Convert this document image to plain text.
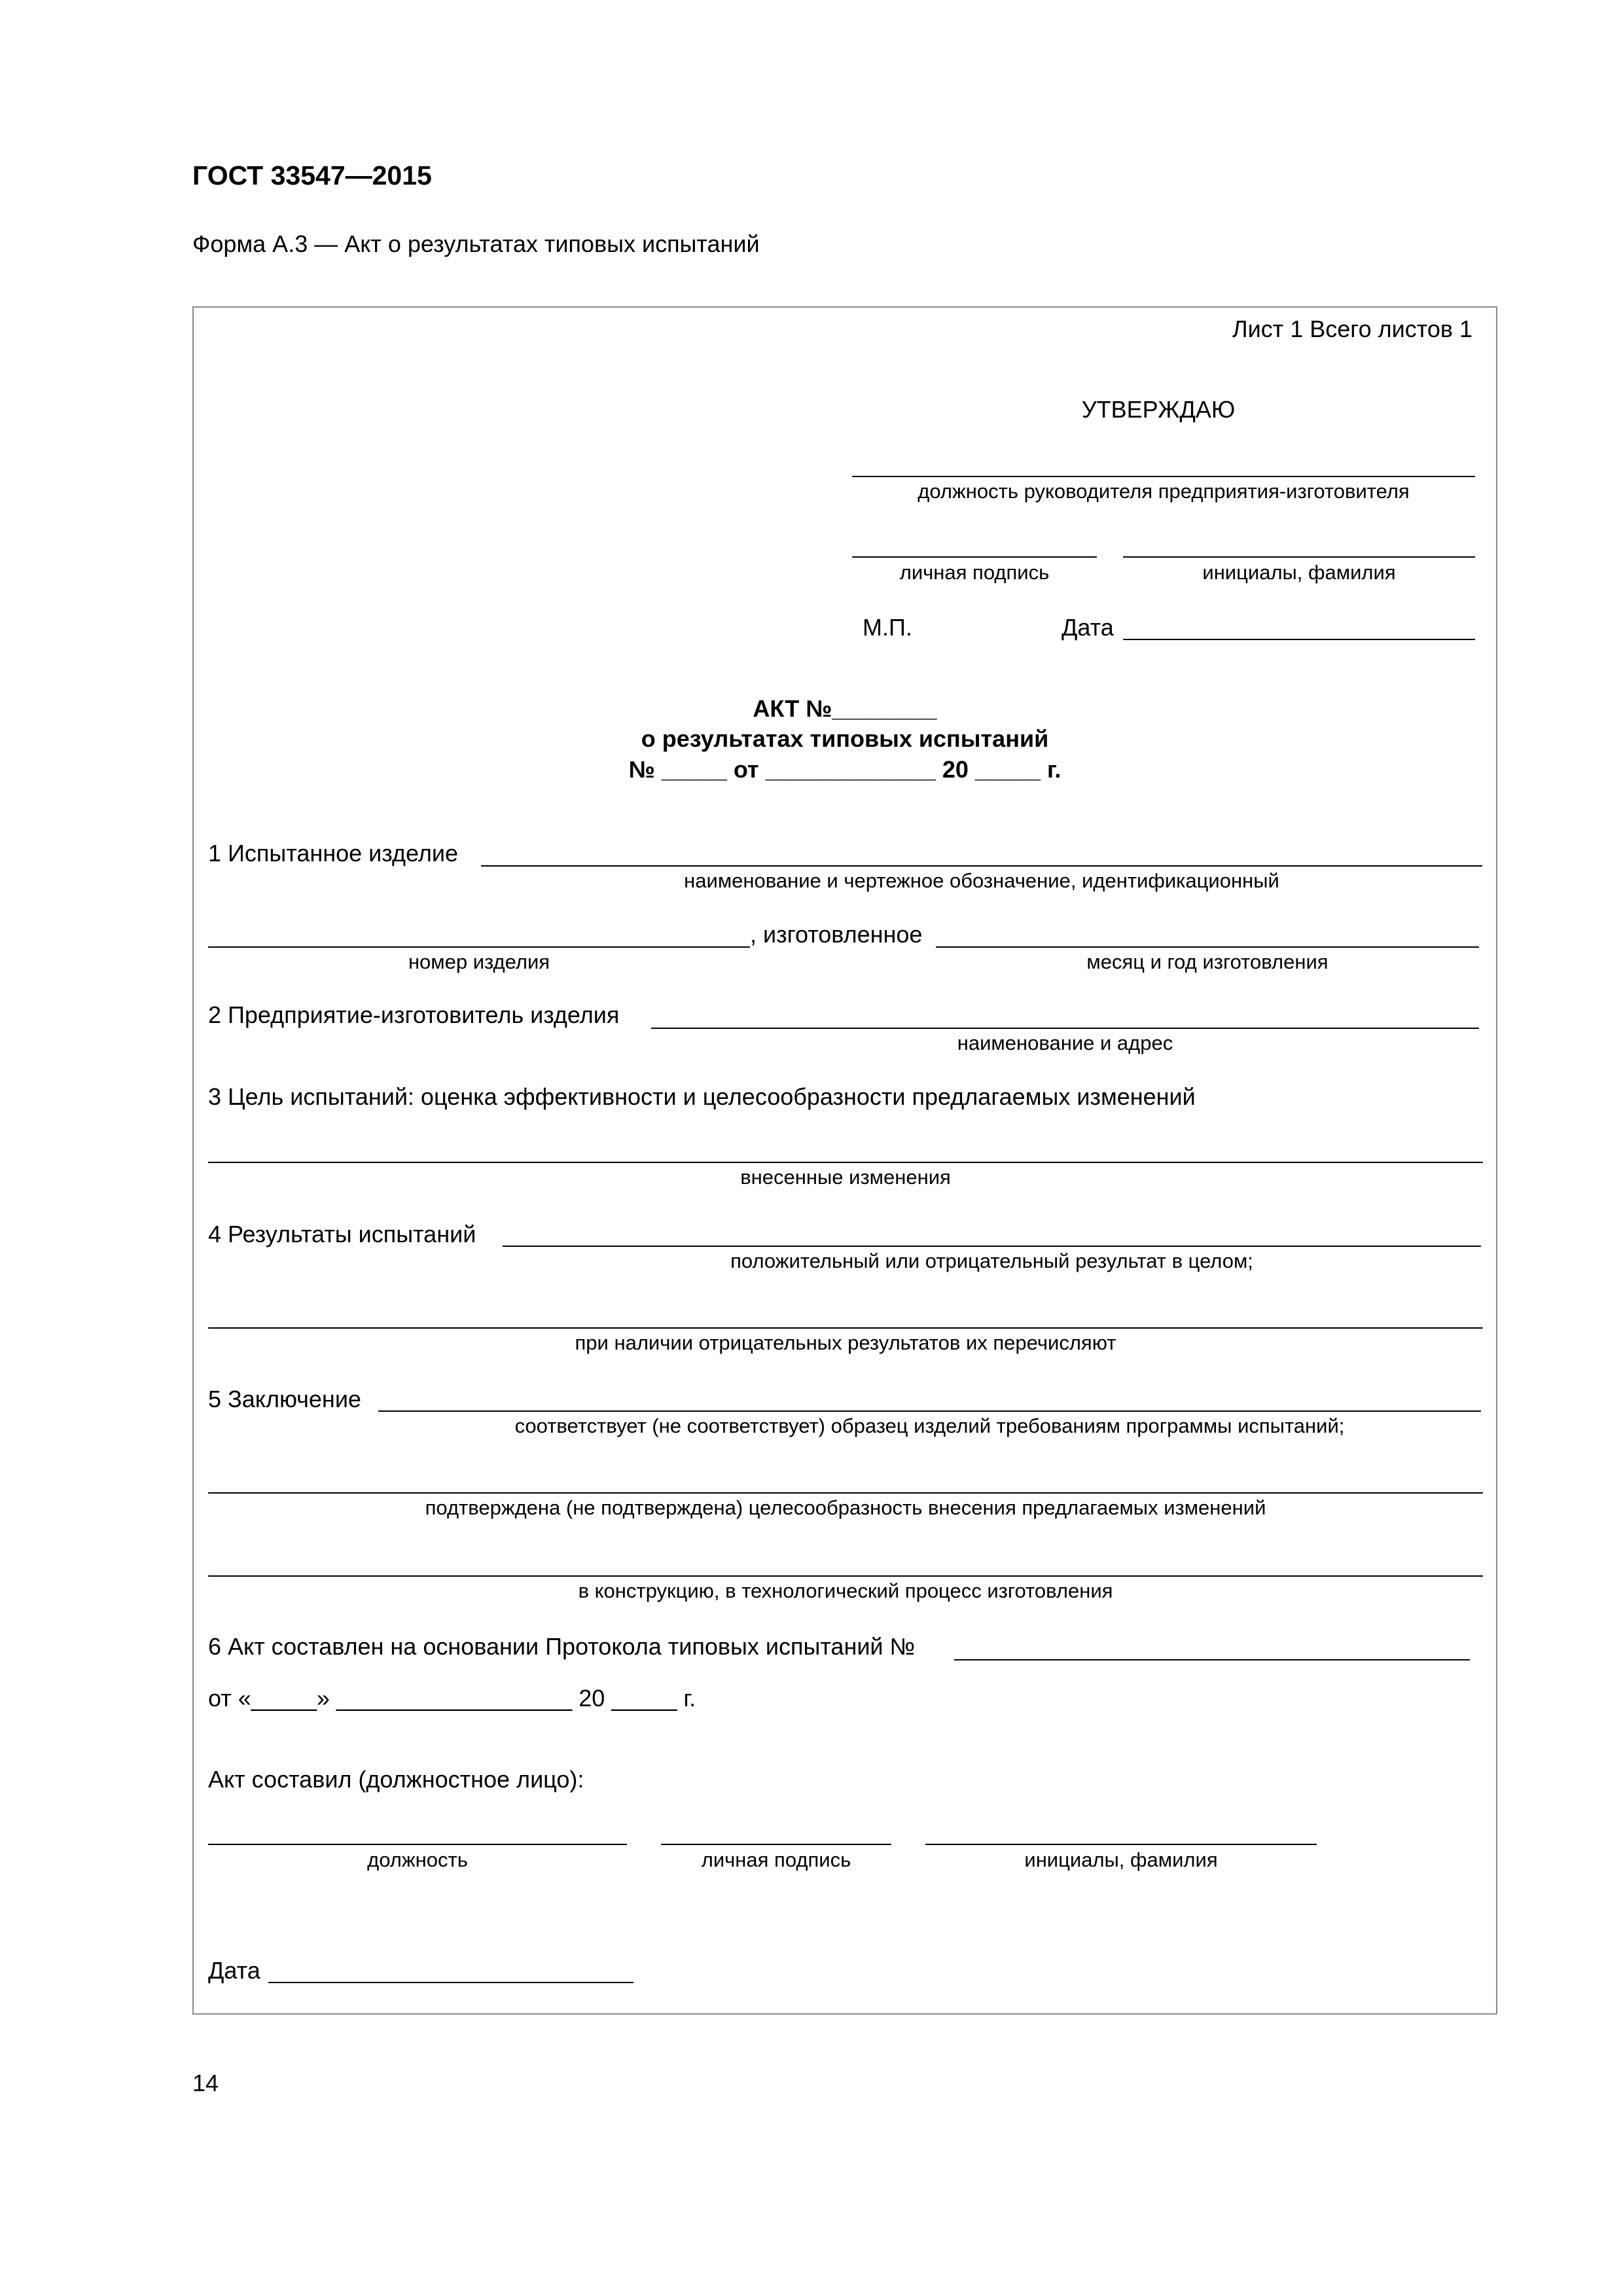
ГОСТ 33547—2015
Форма А.3 — Акт о результатах типовых испытаний
Лист 1 Всего листов 1
УТВЕРЖДАЮ
должность руководителя предприятия-изготовителя
личная подпись	инициалы, фамилия
М.П.	Дата
АКТ №________
о результатах типовых испытаний
№ _____ от _____________ 20 _____ г.
1 Испытанное изделие
наименование и чертежное обозначение, идентификационный
, изготовленное
номер изделия	месяц и год изготовления
2 Предприятие-изготовитель изделия
наименование и адрес
3 Цель испытаний: оценка эффективности и целесообразности предлагаемых изменений
внесенные изменения
4 Результаты испытаний
положительный или отрицательный результат в целом;
при наличии отрицательных результатов их перечисляют
5 Заключение
соответствует (не соответствует) образец изделий требованиям программы испытаний;
подтверждена (не подтверждена) целесообразность внесения предлагаемых изменений
в конструкцию, в технологический процесс изготовления
6 Акт составлен на основании Протокола типовых испытаний №
от «_____» __________________ 20 _____ г.
Акт составил (должностное лицо):
должность	личная подпись	инициалы, фамилия
Дата
14
